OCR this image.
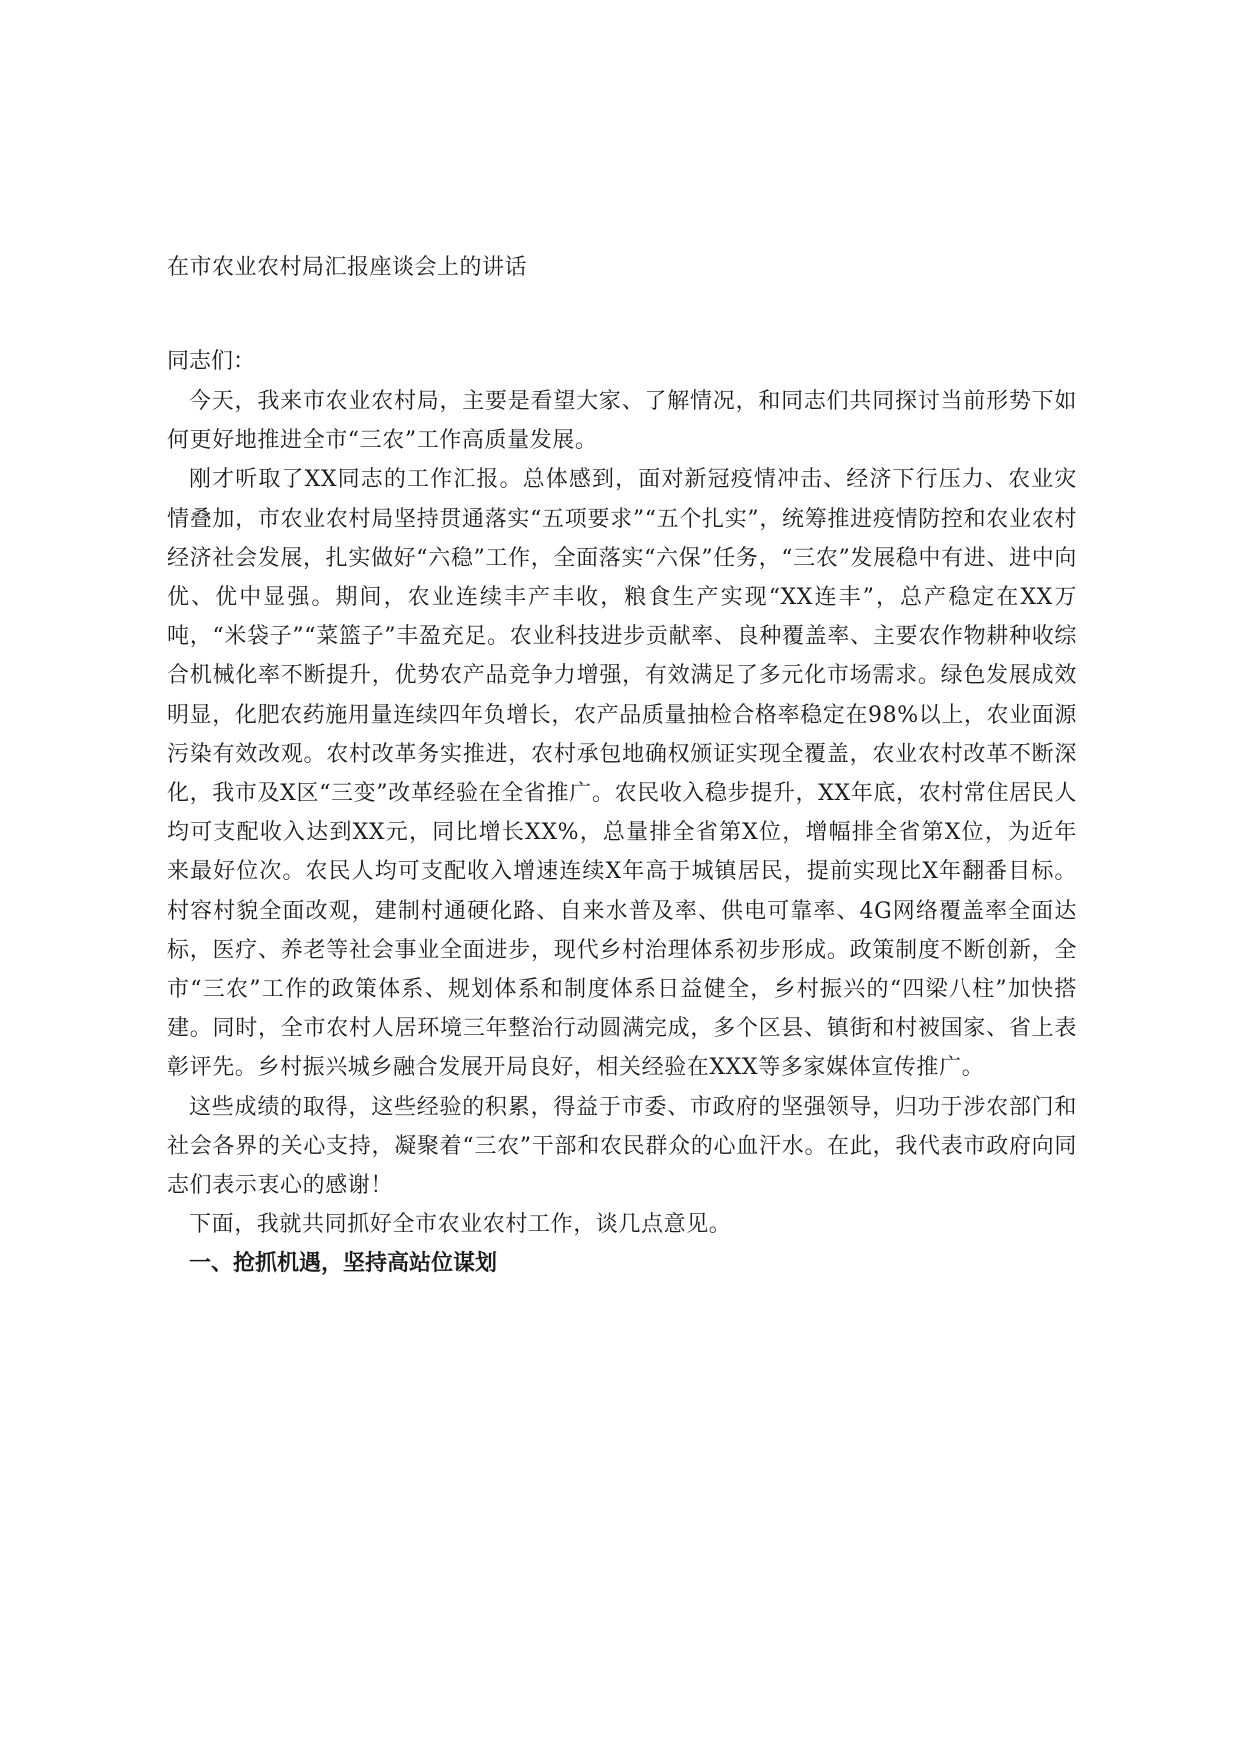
在市农业农村局汇报座谈会上的讲话
同志们：

今天，我来市农业农村局，主要是看望大家、了解情况，和同志们共同探讨当前形势下如何更好地推进全市“三农”工作高质量发展。

刚才听取了XX同志的工作汇报。总体感到，面对新冠疫情冲击、经济下行压力、农业灾情叠加，市农业农村局坚持贯通落实“五项要求”“五个扎实”，统筹推进疫情防控和农业农村经济社会发展，扎实做好“六稳”工作，全面落实“六保”任务，“三农”发展稳中有进、进中向优、优中显强。期间，农业连续丰产丰收，粮食生产实现“XX连丰”，总产稳定在XX万吨，“米袋子”“菜篮子”丰盈充足。农业科技进步贡献率、良种覆盖率、主要农作物耕种收综合机械化率不断提升，优势农产品竞争力增强，有效满足了多元化市场需求。绿色发展成效明显，化肥农药施用量连续四年负增长，农产品质量抽检合格率稳定在98%以上，农业面源污染有效改观。农村改革务实推进，农村承包地确权颁证实现全覆盖，农业农村改革不断深化，我市及X区“三变”改革经验在全省推广。农民收入稳步提升，XX年底，农村常住居民人均可支配收入达到XX元，同比增长XX%，总量排全省第X位，增幅排全省第X位，为近年来最好位次。农民人均可支配收入增速连续X年高于城镇居民，提前实现比X年翻番目标。村容村貌全面改观，建制村通硬化路、自来水普及率、供电可靠率、4G网络覆盖率全面达标，医疗、养老等社会事业全面进步，现代乡村治理体系初步形成。政策制度不断创新，全市“三农”工作的政策体系、规划体系和制度体系日益健全，乡村振兴的“四梁八柱”加快搭建。同时，全市农村人居环境三年整治行动圆满完成，多个区县、镇街和村被国家、省上表彰评先。乡村振兴城乡融合发展开局良好，相关经验在XXX等多家媒体宣传推广。

这些成绩的取得，这些经验的积累，得益于市委、市政府的坚强领导，归功于涉农部门和社会各界的关心支持，凝聚着“三农”干部和农民群众的心血汗水。在此，我代表市政府向同志们表示衷心的感谢！

下面，我就共同抓好全市农业农村工作，谈几点意见。

一、抢抓机遇，坚持高站位谋划
